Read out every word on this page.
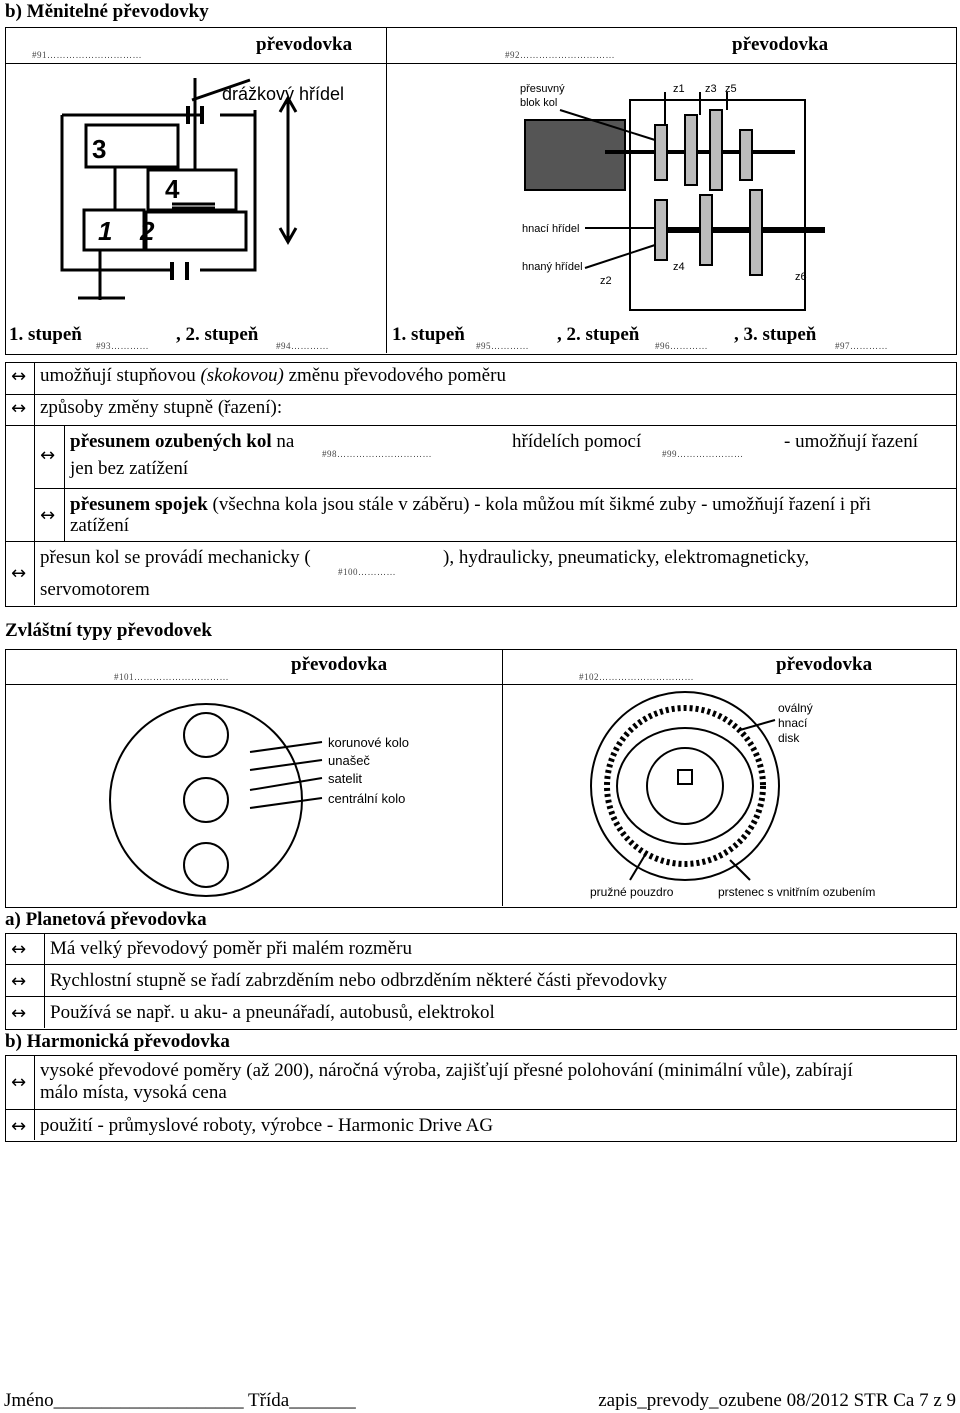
b) Měnitelné převodovky
#91…………………………	převodovka	#92…………………………	převodovka
drážkový hřídel
3
4
1 2
přesuvný
blok kol
z1 z3 z5
hnací hřídel
hnaný hřídel
z2
z4
z6
1. stupeň
#93…………
, 2. stupeň
#94…………
1. stupeň
#95…………
, 2. stupeň
#96…………
, 3. stupeň
#97…………
↔ umožňují stupňovou (skokovou) změnu převodového poměru
↔ způsoby změny stupně (řazení):
↔
přesunem ozubených kol na
#98…………………………
hřídelích pomocí
#99…………………
- umožňují řazení
jen bez zatížení
↔
přesunem spojek (všechna kola jsou stále v záběru) - kola můžou mít šikmé zuby - umožňují řazení i při
zatížení
↔
přesun kol se provádí mechanicky (
#100…………
), hydraulicky, pneumaticky, elektromagneticky,
servomotorem
Zvláštní typy převodovek
#101…………………………
převodovka
#102…………………………
převodovka
korunové kolo
unašeč
satelit
centrální kolo
oválný
hnací
disk
pružné pouzdro	prstenec s vnitřním ozubením
a) Planetová převodovka
↔ Má velký převodový poměr při malém rozměru
↔ Rychlostní stupně se řadí zabrzděním nebo odbrzděním některé části převodovky
↔ Používá se např. u aku- a pneunářadí, autobusů, elektrokol
b) Harmonická převodovka
↔
vysoké převodové poměry (až 200), náročná výroba, zajišťují přesné polohování (minimální vůle), zabírají
málo místa, vysoká cena
↔ použití - průmyslové roboty, výrobce - Harmonic Drive AG
Jméno____________________ Třída_______	zapis_prevody_ozubene 08/2012 STR Ca 7 z 9
